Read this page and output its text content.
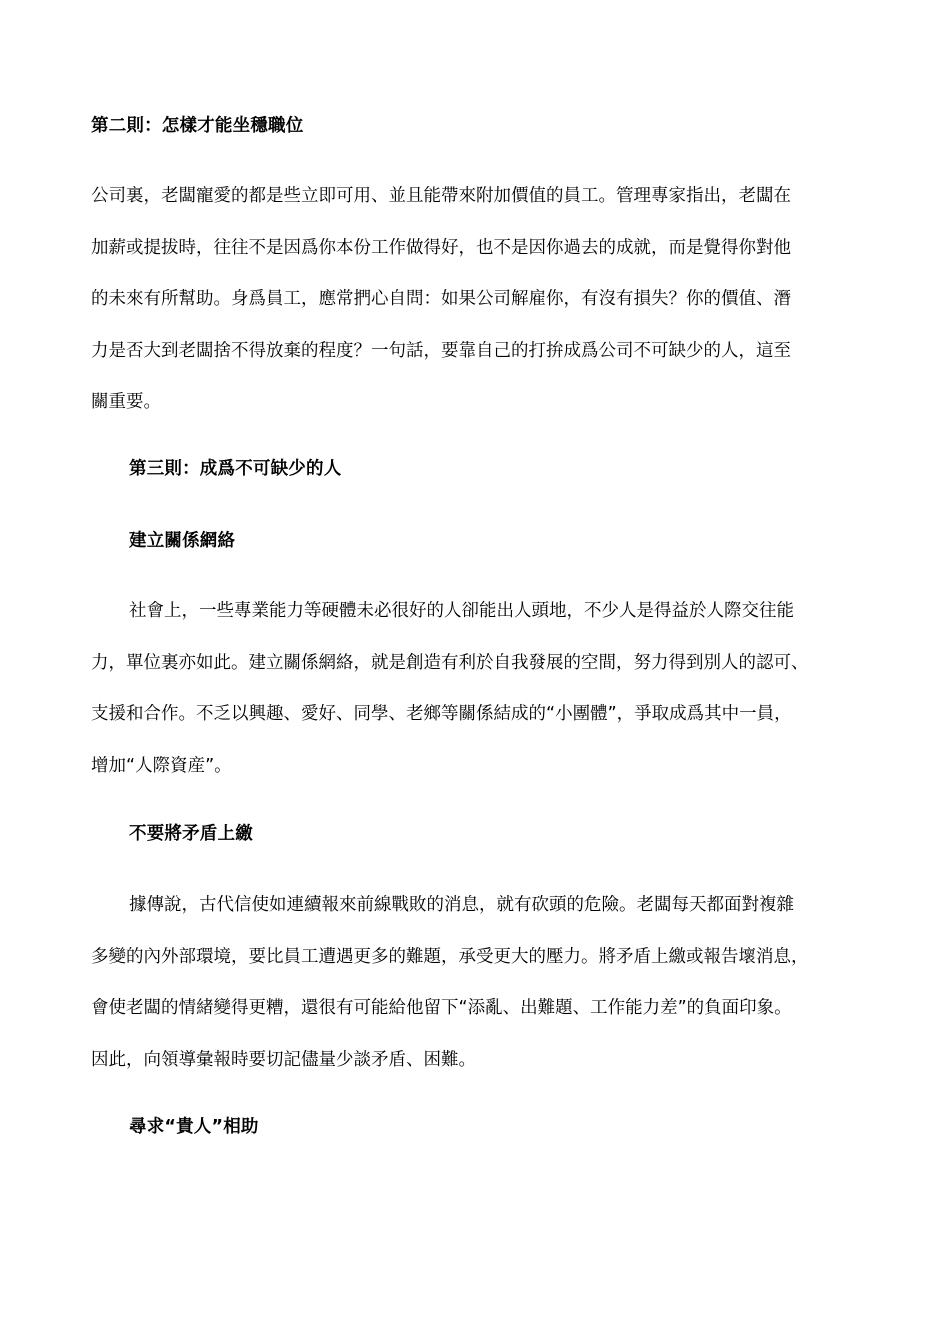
第二則：怎樣才能坐穩職位
公司裏，老闆寵愛的都是些立即可用、並且能帶來附加價值的員工。管理專家指出，老闆在
加薪或提拔時，往往不是因爲你本份工作做得好，也不是因你過去的成就，而是覺得你對他
的未來有所幫助。身爲員工，應常捫心自問：如果公司解雇你，有沒有損失？你的價值、潛
力是否大到老闆捨不得放棄的程度？一句話，要靠自己的打拚成爲公司不可缺少的人，這至
關重要。
第三則：成爲不可缺少的人
建立關係網絡
社會上，一些專業能力等硬體未必很好的人卻能出人頭地，不少人是得益於人際交往能
力，單位裏亦如此。建立關係網絡，就是創造有利於自我發展的空間，努力得到別人的認可、
支援和合作。不乏以興趣、愛好、同學、老鄉等關係結成的“小團體”，爭取成爲其中一員，
增加“人際資産”。
不要將矛盾上繳
據傳說，古代信使如連續報來前線戰敗的消息，就有砍頭的危險。老闆每天都面對複雜
多變的內外部環境，要比員工遭遇更多的難題，承受更大的壓力。將矛盾上繳或報告壞消息，
會使老闆的情緒變得更糟，還很有可能給他留下“添亂、出難題、工作能力差”的負面印象。
因此，向領導彙報時要切記儘量少談矛盾、困難。
尋求“貴人”相助
